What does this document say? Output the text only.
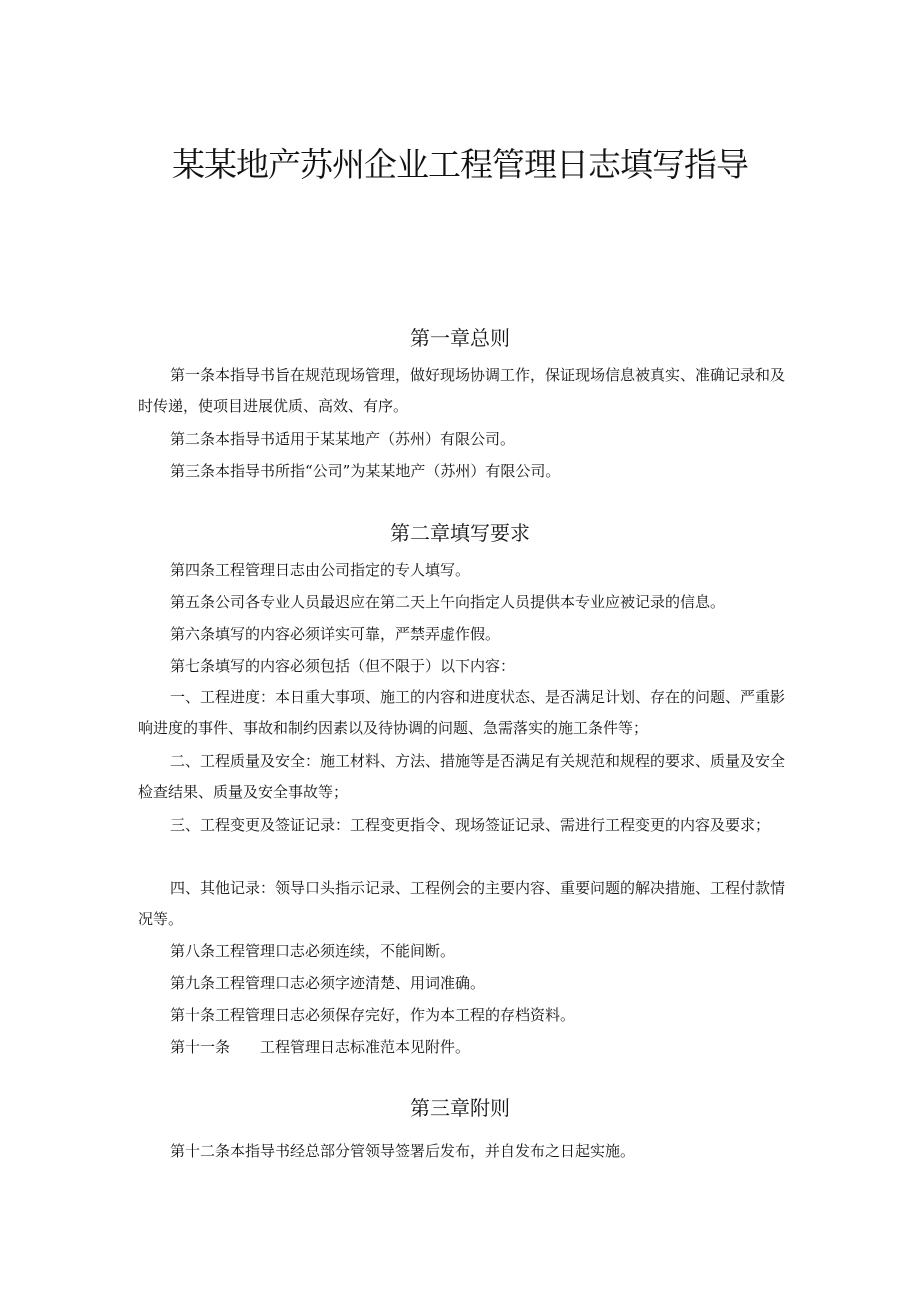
某某地产苏州企业工程管理日志填写指导
第一章总则

第一条本指导书旨在规范现场管理，做好现场协调工作，保证现场信息被真实、准确记录和及时传递，使项目进展优质、高效、有序。

第二条本指导书适用于某某地产（苏州）有限公司。

第三条本指导书所指“公司”为某某地产（苏州）有限公司。

第二章填写要求

第四条工程管理日志由公司指定的专人填写。

第五条公司各专业人员最迟应在第二天上午向指定人员提供本专业应被记录的信息。

第六条填写的内容必须详实可靠，严禁弄虚作假。

第七条填写的内容必须包括（但不限于）以下内容：

一、工程进度：本日重大事项、施工的内容和进度状态、是否满足计划、存在的问题、严重影响进度的事件、事故和制约因素以及待协调的问题、急需落实的施工条件等；

二、工程质量及安全：施工材料、方法、措施等是否满足有关规范和规程的要求、质量及安全检查结果、质量及安全事故等；

三、工程变更及签证记录：工程变更指令、现场签证记录、需进行工程变更的内容及要求；

四、其他记录：领导口头指示记录、工程例会的主要内容、重要问题的解决措施、工程付款情况等。

第八条工程管理口志必须连续，不能间断。

第九条工程管理口志必须字迹清楚、用词准确。

第十条工程管理日志必须保存完好，作为本工程的存档资料。

第十一条　　工程管理日志标准范本见附件。

第三章附则

第十二条本指导书经总部分管领导签署后发布，并自发布之日起实施。
